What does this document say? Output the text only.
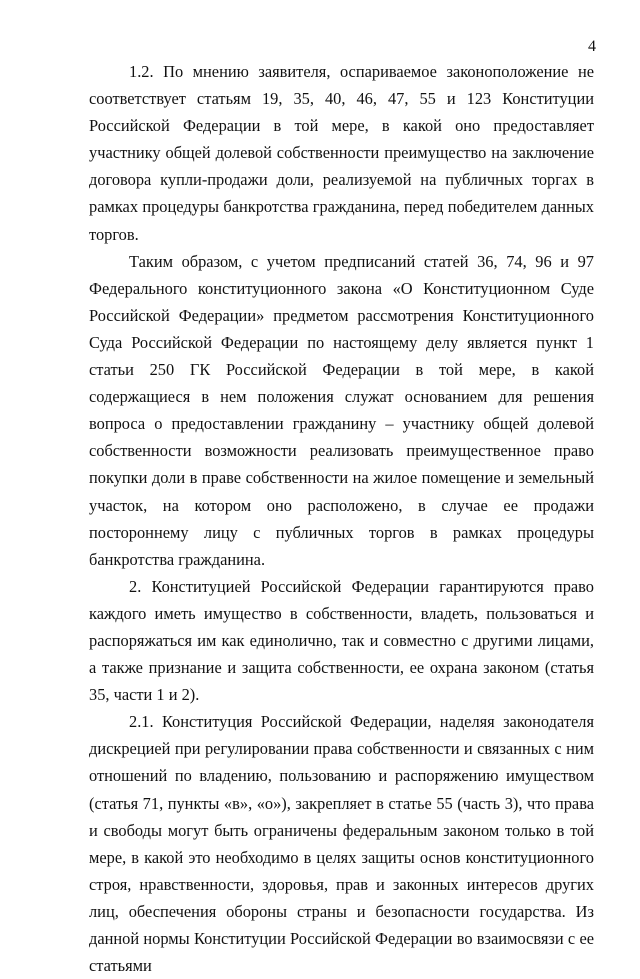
4

1.2. По мнению заявителя, оспариваемое законоположение не соответствует статьям 19, 35, 40, 46, 47, 55 и 123 Конституции Российской Федерации в той мере, в какой оно предоставляет участнику общей долевой собственности преимущество на заключение договора купли-продажи доли, реализуемой на публичных торгах в рамках процедуры банкротства гражданина, перед победителем данных торгов.

Таким образом, с учетом предписаний статей 36, 74, 96 и 97 Федерального конституционного закона «О Конституционном Суде Российской Федерации» предметом рассмотрения Конституционного Суда Российской Федерации по настоящему делу является пункт 1 статьи 250 ГК Российской Федерации в той мере, в какой содержащиеся в нем положения служат основанием для решения вопроса о предоставлении гражданину – участнику общей долевой собственности возможности реализовать преимущественное право покупки доли в праве собственности на жилое помещение и земельный участок, на котором оно расположено, в случае ее продажи постороннему лицу с публичных торгов в рамках процедуры банкротства гражданина.

2. Конституцией Российской Федерации гарантируются право каждого иметь имущество в собственности, владеть, пользоваться и распоряжаться им как единолично, так и совместно с другими лицами, а также признание и защита собственности, ее охрана законом (статья 35, части 1 и 2).

2.1. Конституция Российской Федерации, наделяя законодателя дискрецией при регулировании права собственности и связанных с ним отношений по владению, пользованию и распоряжению имуществом (статья 71, пункты «в», «о»), закрепляет в статье 55 (часть 3), что права и свободы могут быть ограничены федеральным законом только в той мере, в какой это необходимо в целях защиты основ конституционного строя, нравственности, здоровья, прав и законных интересов других лиц, обеспечения обороны страны и безопасности государства. Из данной нормы Конституции Российской Федерации во взаимосвязи с ее статьями
